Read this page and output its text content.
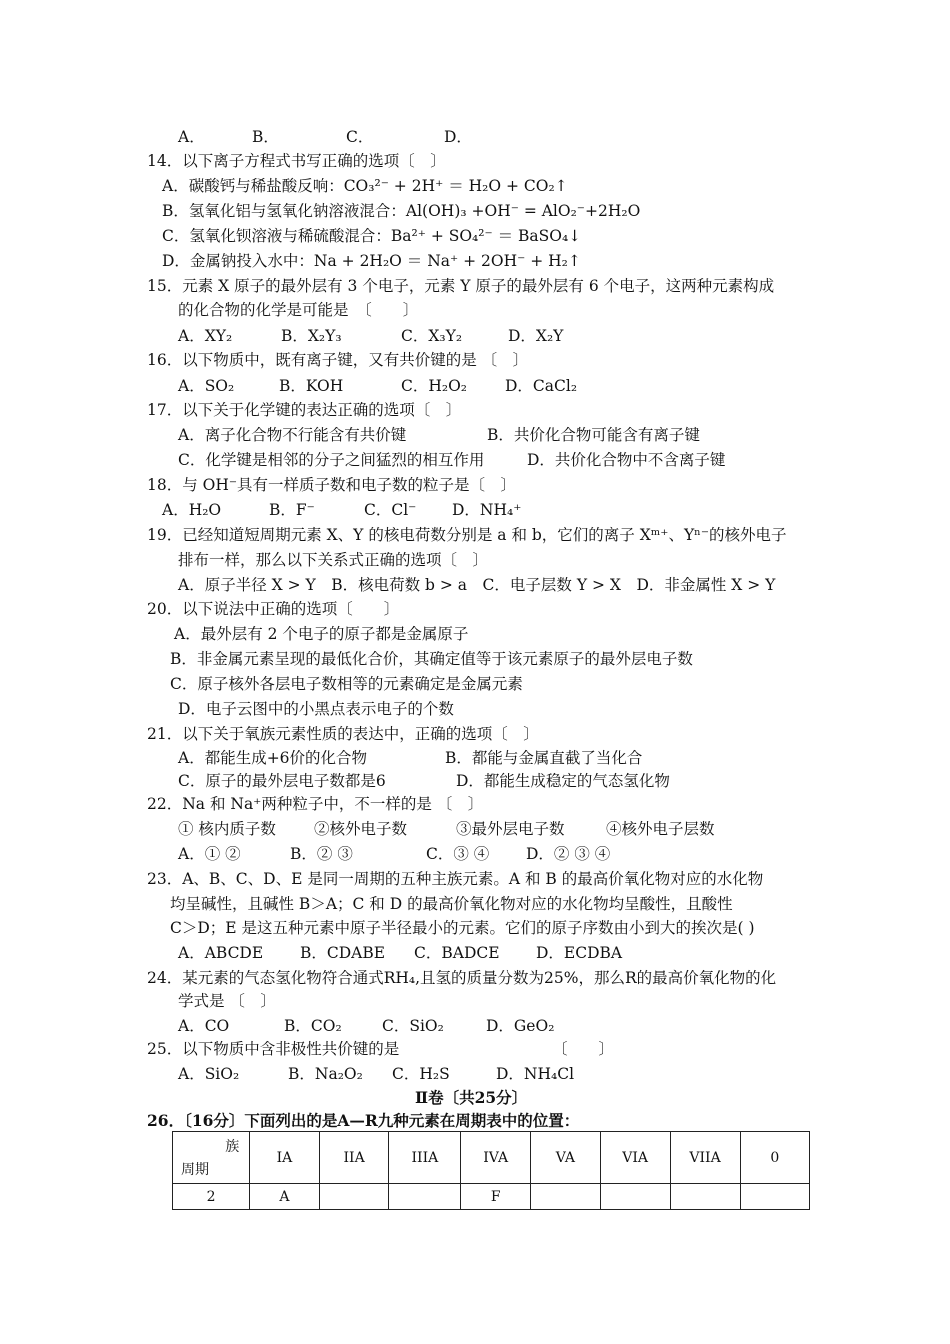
A．	B．	C．	D．
14．以下离子方程式书写正确的选项〔　〕
A．碳酸钙与稀盐酸反响：CO₃²⁻ + 2H⁺ ＝ H₂O + CO₂↑
B．氢氧化铝与氢氧化钠溶液混合：Al(OH)₃ +OH⁻ = AlO₂⁻+2H₂O
C．氢氧化钡溶液与稀硫酸混合：Ba²⁺ + SO₄²⁻ ＝ BaSO₄↓
D．金属钠投入水中：Na + 2H₂O ＝ Na⁺ + 2OH⁻ + H₂↑
15．元素 X 原子的最外层有 3 个电子，元素 Y 原子的最外层有 6 个电子，这两种元素构成
的化合物的化学是可能是　〔　　〕
A．XY₂	B．X₂Y₃	C．X₃Y₂	D．X₂Y
16．以下物质中，既有离子键，又有共价键的是 〔　〕
A．SO₂	B．KOH	C．H₂O₂ D．CaCl₂
17．以下关于化学键的表达正确的选项〔　〕
A．离子化合物不行能含有共价键	B．共价化合物可能含有离子键
C．化学键是相邻的分子之间猛烈的相互作用	D．共价化合物中不含离子键
18．与 OH⁻具有一样质子数和电子数的粒子是〔　〕
A．H₂O	B．F⁻	C．Cl⁻ D．NH₄⁺
19．已经知道短周期元素 X、Y 的核电荷数分别是 a 和 b，它们的离子 Xᵐ⁺、Yⁿ⁻的核外电子
排布一样，那么以下关系式正确的选项〔　〕
A．原子半径 X > Y　B．核电荷数 b > a　C．电子层数 Y > X　D．非金属性 X > Y
20．以下说法中正确的选项〔　　〕
A．最外层有 2 个电子的原子都是金属原子
B．非金属元素呈现的最低化合价，其确定值等于该元素原子的最外层电子数
C．原子核外各层电子数相等的元素确定是金属元素
D．电子云图中的小黑点表示电子的个数
21．以下关于氧族元素性质的表达中，正确的选项〔　〕
A．都能生成+6价的化合物	B．都能与金属直截了当化合
C．原子的最外层电子数都是6	D．都能生成稳定的气态氢化物
22．Na 和 Na⁺两种粒子中，不一样的是 〔　〕
① 核内质子数 ②核外电子数	③最外层电子数	④核外电子层数
A．① ②	B．② ③	C．③ ④ D．② ③ ④
23．A、B、C、D、E 是同一周期的五种主族元素。A 和 B 的最高价氧化物对应的水化物
均呈碱性，且碱性 B＞A；C 和 D 的最高价氧化物对应的水化物均呈酸性，且酸性
C＞D；E 是这五种元素中原子半径最小的元素。它们的原子序数由小到大的挨次是( )
A．ABCDE B．CDABE C．BADCE D．ECDBA
24．某元素的气态氢化物符合通式RH₄,且氢的质量分数为25%，那么R的最高价氧化物的化
学式是 〔　〕
A．CO	B．CO₂	C．SiO₂	D．GeO₂
25．以下物质中含非极性共价键的是	〔　　〕
A．SiO₂	B．Na₂O₂ C．H₂S	D．NH₄Cl
Ⅱ卷〔共25分〕
26．〔16分〕下面列出的是A—R九种元素在周期表中的位置：
族
周期	IA	IIA	IIIA	IVA	VA	VIA	VIIA	0
2	A			F				
